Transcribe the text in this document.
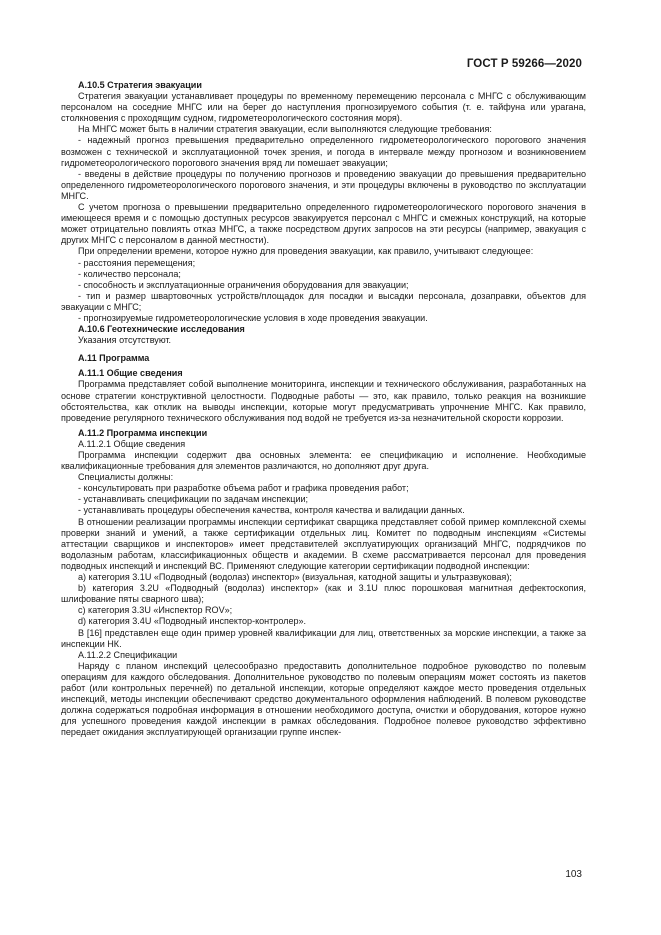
ГОСТ Р 59266—2020

А.10.5 Стратегия эвакуации

Стратегия эвакуации устанавливает процедуры по временному перемещению персонала с МНГС с обслуживающим персоналом на соседние МНГС или на берег до наступления прогнозируемого события (т. е. тайфуна или урагана, столкновения с проходящим судном, гидрометеорологического состояния моря).

На МНГС может быть в наличии стратегия эвакуации, если выполняются следующие требования:

- надежный прогноз превышения предварительно определенного гидрометеорологического порогового значения возможен с технической и эксплуатационной точек зрения, и погода в интервале между прогнозом и возникновением гидрометеорологического порогового значения вряд ли помешает эвакуации;

- введены в действие процедуры по получению прогнозов и проведению эвакуации до превышения предварительно определенного гидрометеорологического порогового значения, и эти процедуры включены в руководство по эксплуатации МНГС.

С учетом прогноза о превышении предварительно определенного гидрометеорологического порогового значения в имеющееся время и с помощью доступных ресурсов эвакуируется персонал с МНГС и смежных конструкций, на которые может отрицательно повлиять отказ МНГС, а также посредством других запросов на эти ресурсы (например, эвакуация с других МНГС с персоналом в данной местности).

При определении времени, которое нужно для проведения эвакуации, как правило, учитывают следующее:

- расстояния перемещения;

- количество персонала;

- способность и эксплуатационные ограничения оборудования для эвакуации;

- тип и размер швартовочных устройств/площадок для посадки и высадки персонала, дозаправки, объектов для эвакуации с МНГС;

- прогнозируемые гидрометеорологические условия в ходе проведения эвакуации.

А.10.6 Геотехнические исследования

Указания отсутствуют.

А.11 Программа

А.11.1 Общие сведения

Программа представляет собой выполнение мониторинга, инспекции и технического обслуживания, разработанных на основе стратегии конструктивной целостности. Подводные работы — это, как правило, только реакция на возникшие обстоятельства, как отклик на выводы инспекции, которые могут предусматривать упрочнение МНГС. Как правило, проведение регулярного технического обслуживания под водой не требуется из-за незначительной скорости коррозии.

А.11.2 Программа инспекции

А.11.2.1 Общие сведения

Программа инспекции содержит два основных элемента: ее спецификацию и исполнение. Необходимые квалификационные требования для элементов различаются, но дополняют друг друга.

Специалисты должны:

- консультировать при разработке объема работ и графика проведения работ;

- устанавливать спецификации по задачам инспекции;

- устанавливать процедуры обеспечения качества, контроля качества и валидации данных.

В отношении реализации программы инспекции сертификат сварщика представляет собой пример комплексной схемы проверки знаний и умений, а также сертификации отдельных лиц. Комитет по подводным инспекциям «Системы аттестации сварщиков и инспекторов» имеет представителей эксплуатирующих организаций МНГС, подрядчиков по водолазным работам, классификационных обществ и академии. В схеме рассматривается персонал для проведения подводных инспекций и инспекций ВС. Применяют следующие категории сертификации подводной инспекции:

a) категория 3.1U «Подводный (водолаз) инспектор» (визуальная, катодной защиты и ультразвуковая);

b) категория 3.2U «Подводный (водолаз) инспектор» (как и 3.1U плюс порошковая магнитная дефектоскопия, шлифование пяты сварного шва);

c) категория 3.3U «Инспектор ROV»;

d) категория 3.4U «Подводный инспектор-контролер».

В [16] представлен еще один пример уровней квалификации для лиц, ответственных за морские инспекции, а также за инспекции НК.

А.11.2.2 Спецификации

Наряду с планом инспекций целесообразно предоставить дополнительное подробное руководство по полевым операциям для каждого обследования. Дополнительное руководство по полевым операциям может состоять из пакетов работ (или контрольных перечней) по детальной инспекции, которые определяют каждое место проведения отдельных инспекций, методы инспекции обеспечивают средство документального оформления наблюдений. В полевом руководстве должна содержаться подробная информация в отношении необходимого доступа, очистки и оборудования, которое нужно для успешного проведения каждой инспекции в рамках обследования. Подробное полевое руководство эффективно передает ожидания эксплуатирующей организации группе инспек-

103
